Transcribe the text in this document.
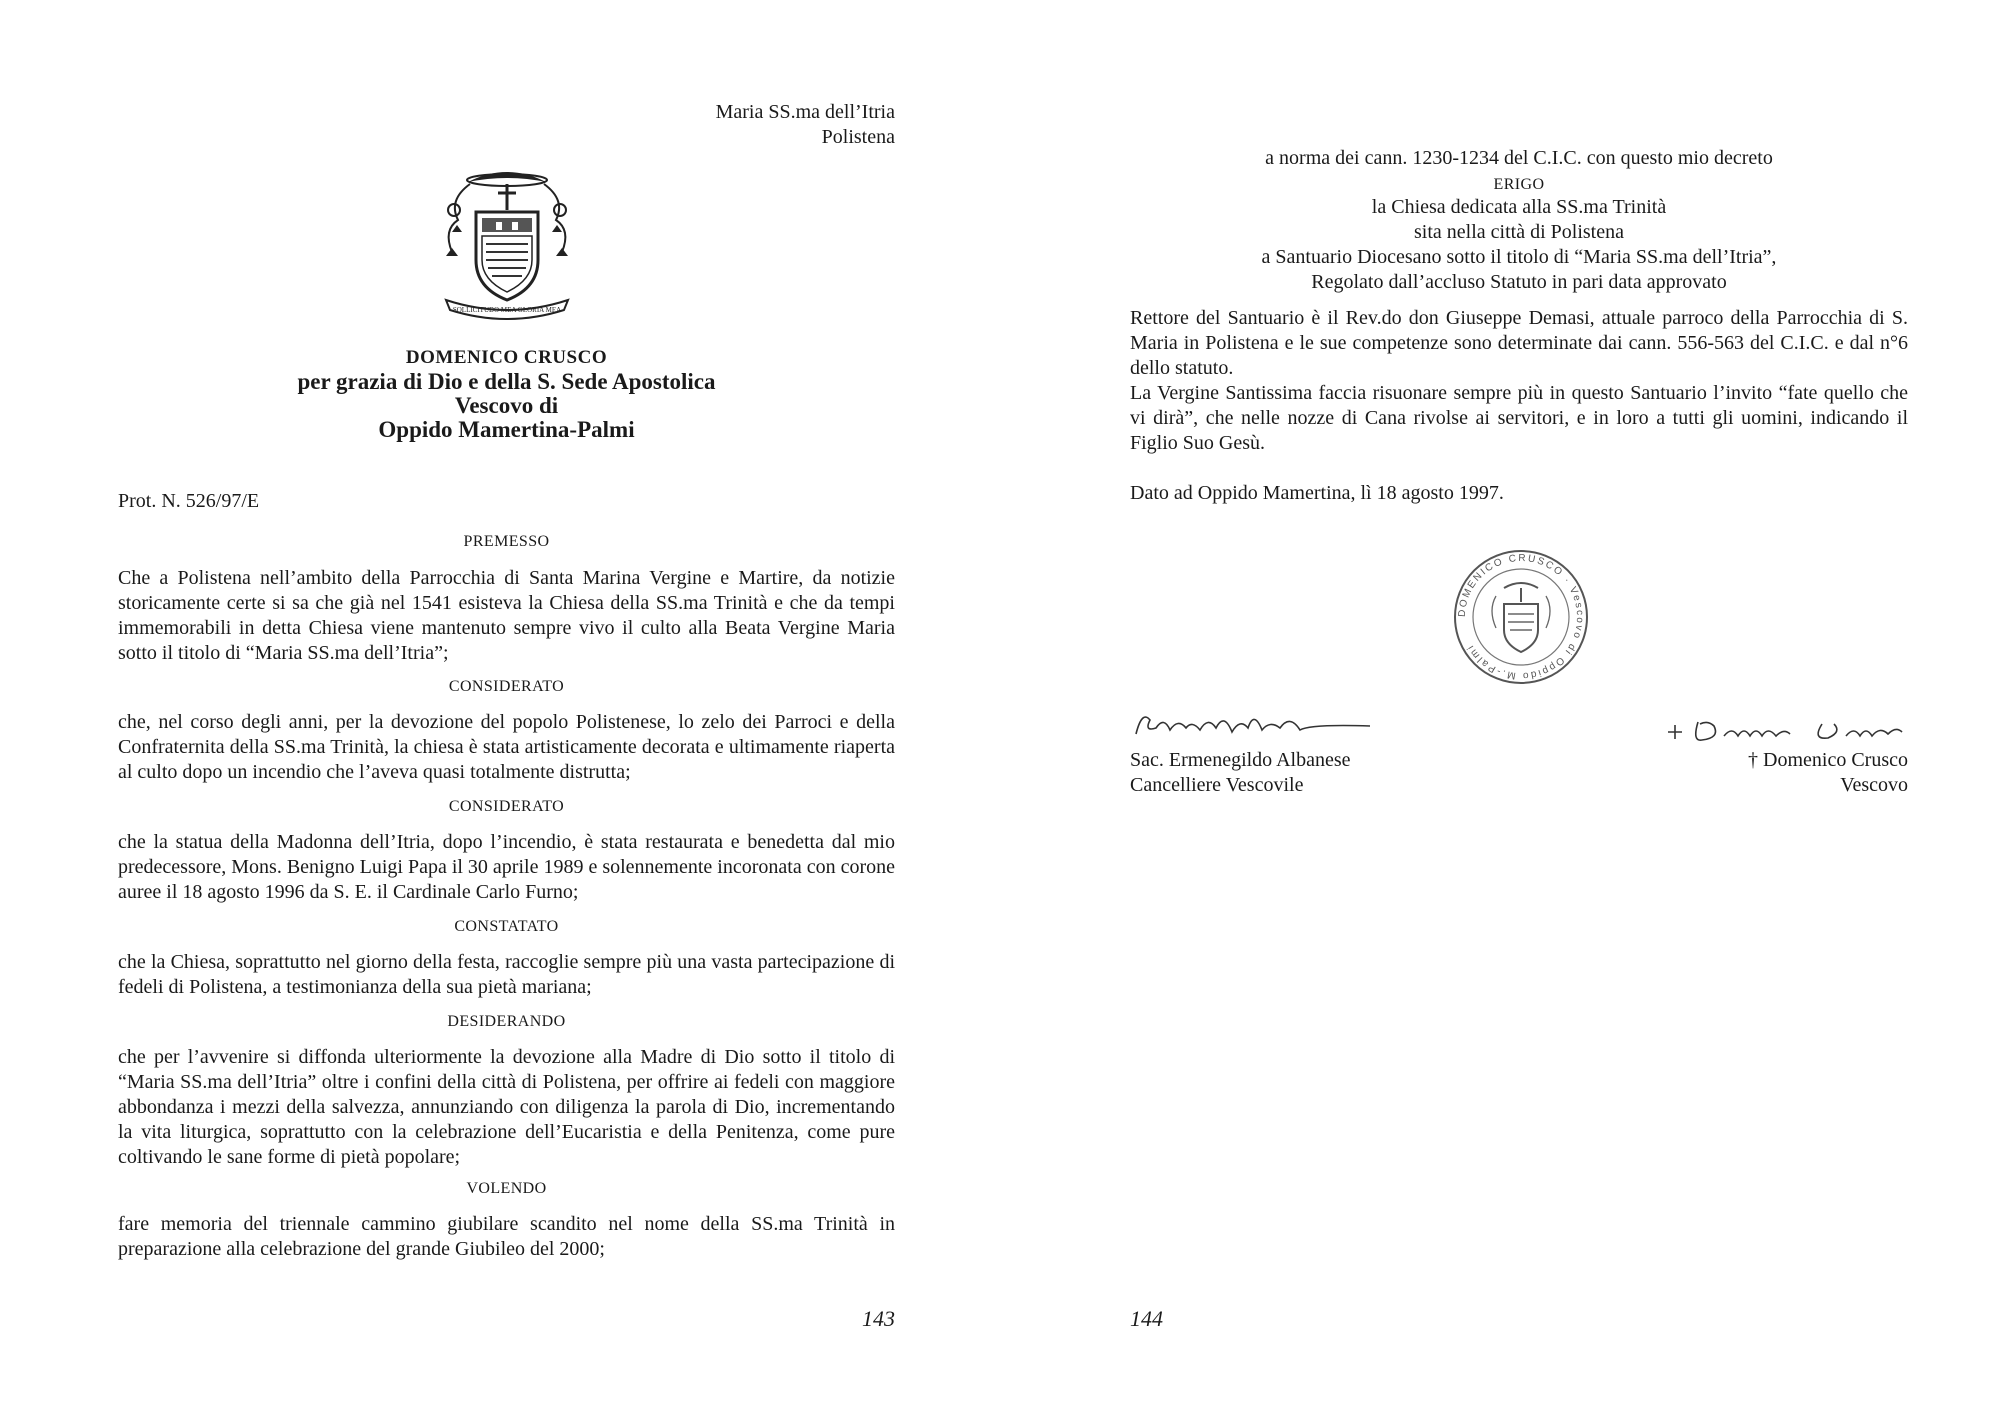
Maria SS.ma dell’Itria
Polistena
SOLLICITUDO MEA GLORIA MEA
DOMENICO CRUSCO
per grazia di Dio e della S. Sede Apostolica
Vescovo di
Oppido Mamertina-Palmi
Prot. N. 526/97/E
PREMESSO
Che a Polistena nell’ambito della Parrocchia di Santa Marina Vergine e Martire, da notizie storicamente certe si sa che già nel 1541 esisteva la Chiesa della SS.ma Trinità e che da tempi immemorabili in detta Chiesa viene mantenuto sempre vivo il culto alla Beata Vergine Maria sotto il titolo di “Maria SS.ma dell’Itria”;
CONSIDERATO
che, nel corso degli anni, per la devozione del popolo Polistenese, lo zelo dei Parroci e della Confraternita della SS.ma Trinità, la chiesa è stata artisticamente decorata e ultimamente riaperta al culto dopo un incendio che l’aveva quasi totalmente distrutta;
CONSIDERATO
che la statua della Madonna dell’Itria, dopo l’incendio, è stata restaurata e benedetta dal mio predecessore, Mons. Benigno Luigi Papa il 30 aprile 1989 e solennemente incoronata con corone auree il 18 agosto 1996 da S. E. il Cardinale Carlo Furno;
CONSTATATO
che la Chiesa, soprattutto nel giorno della festa, raccoglie sempre più una vasta partecipazione di fedeli di Polistena, a testimonianza della sua pietà mariana;
DESIDERANDO
che per l’avvenire si diffonda ulteriormente la devozione alla Madre di Dio sotto il titolo di “Maria SS.ma dell’Itria” oltre i confini della città di Polistena, per offrire ai fedeli con maggiore abbondanza i mezzi della salvezza, annunziando con diligenza la parola di Dio, incrementando la vita liturgica, soprattutto con la celebrazione dell’Eucaristia e della Penitenza, come pure coltivando le sane forme di pietà popolare;
VOLENDO
fare memoria del triennale cammino giubilare scandito nel nome della SS.ma Trinità in preparazione alla celebrazione del grande Giubileo del 2000;
143
a norma dei cann. 1230-1234 del C.I.C. con questo mio decreto
ERIGO
la Chiesa dedicata alla SS.ma Trinità
sita nella città di Polistena
a Santuario Diocesano sotto il titolo di “Maria SS.ma dell’Itria”,
Regolato dall’accluso Statuto in pari data approvato
Rettore del Santuario è il Rev.do don Giuseppe Demasi, attuale parroco della Parrocchia di S. Maria in Polistena e le sue competenze sono determinate dai cann. 556-563 del C.I.C. e dal n°6 dello statuto.
La Vergine Santissima faccia risuonare sempre più in questo Santuario l’invito “fate quello che vi dirà”, che nelle nozze di Cana rivolse ai servitori, e in loro a tutti gli uomini, indicando il Figlio Suo Gesù.
Dato ad Oppido Mamertina, lì 18 agosto 1997.
DOMENICO CRUSCO · Vescovo di Oppido M.-Palmi
Sac. Ermenegildo Albanese
Cancelliere Vescovile
† Domenico Crusco
Vescovo
144
